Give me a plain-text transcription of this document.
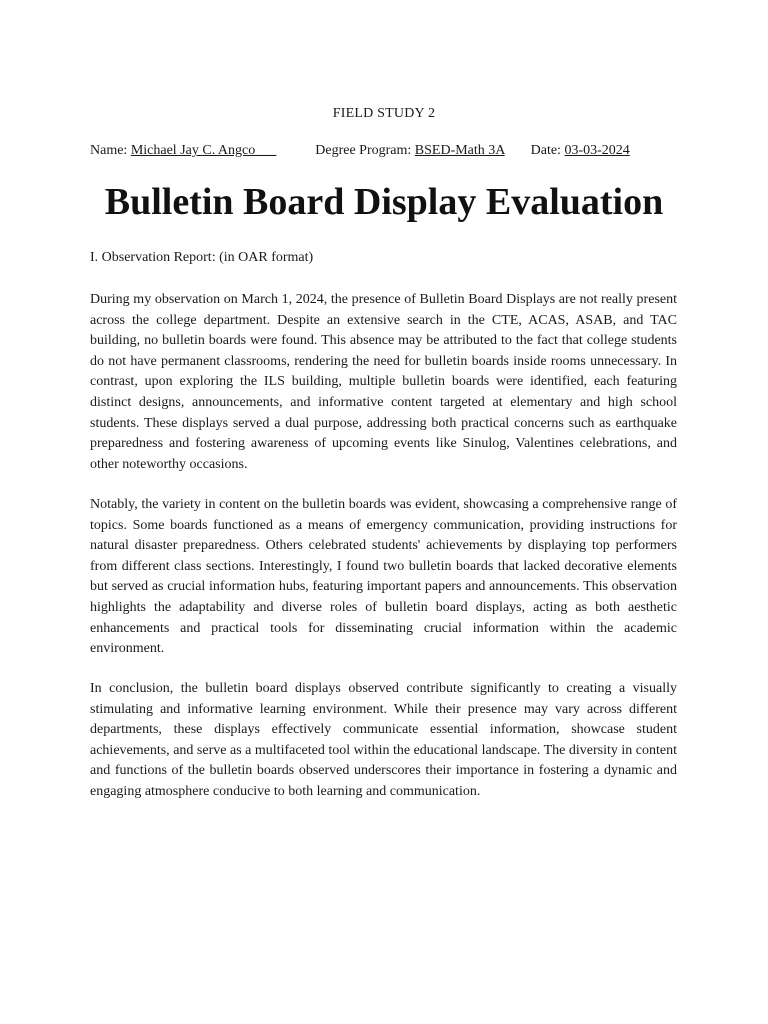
FIELD STUDY 2
Name: Michael Jay C. Angco___	Degree Program: BSED-Math 3A Date: 03-03-2024
Bulletin Board Display Evaluation
I. Observation Report: (in OAR format)

During my observation on March 1, 2024, the presence of Bulletin Board Displays are not really present across the college department. Despite an extensive search in the CTE, ACAS, ASAB, and TAC building, no bulletin boards were found. This absence may be attributed to the fact that college students do not have permanent classrooms, rendering the need for bulletin boards inside rooms unnecessary. In contrast, upon exploring the ILS building, multiple bulletin boards were identified, each featuring distinct designs, announcements, and informative content targeted at elementary and high school students. These displays served a dual purpose, addressing both practical concerns such as earthquake preparedness and fostering awareness of upcoming events like Sinulog, Valentines celebrations, and other noteworthy occasions.

Notably, the variety in content on the bulletin boards was evident, showcasing a comprehensive range of topics. Some boards functioned as a means of emergency communication, providing instructions for natural disaster preparedness. Others celebrated students' achievements by displaying top performers from different class sections. Interestingly, I found two bulletin boards that lacked decorative elements but served as crucial information hubs, featuring important papers and announcements. This observation highlights the adaptability and diverse roles of bulletin board displays, acting as both aesthetic enhancements and practical tools for disseminating crucial information within the academic environment.

In conclusion, the bulletin board displays observed contribute significantly to creating a visually stimulating and informative learning environment. While their presence may vary across different departments, these displays effectively communicate essential information, showcase student achievements, and serve as a multifaceted tool within the educational landscape. The diversity in content and functions of the bulletin boards observed underscores their importance in fostering a dynamic and engaging atmosphere conducive to both learning and communication.
